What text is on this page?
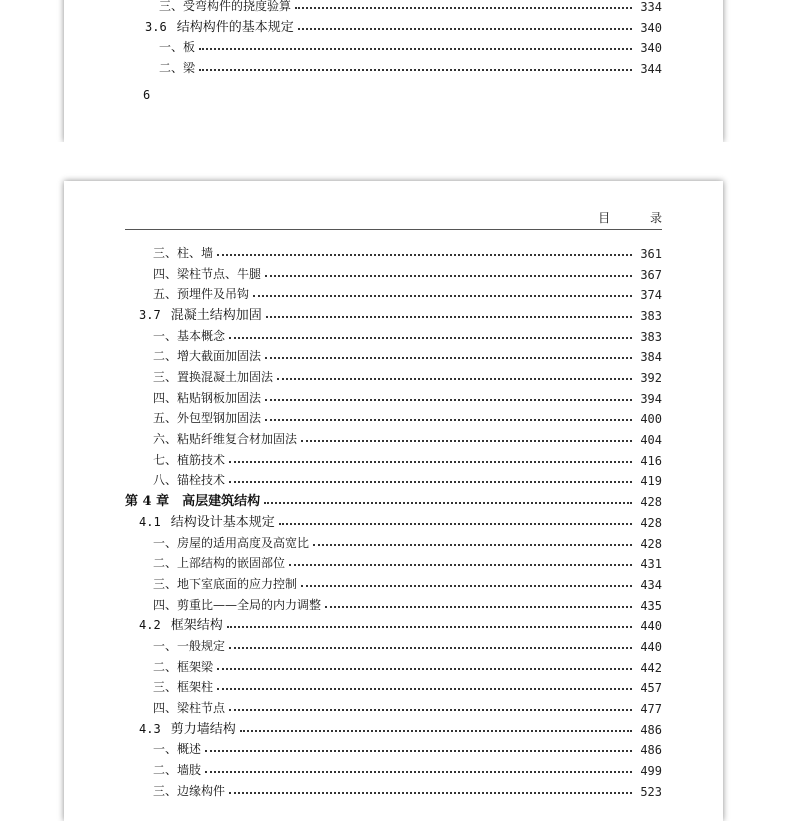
三、受弯构件的挠度验算	334
3.6 结构构件的基本规定	340
一、板	340
二、梁	344
6
目 录
三、柱、墙	361
四、梁柱节点、牛腿	367
五、预埋件及吊钩	374
3.7 混凝土结构加固	383
一、基本概念	383
二、增大截面加固法	384
三、置换混凝土加固法	392
四、粘贴钢板加固法	394
五、外包型钢加固法	400
六、粘贴纤维复合材加固法	404
七、植筋技术	416
八、锚栓技术	419
第 4 章　高层建筑结构	428
4.1 结构设计基本规定	428
一、房屋的适用高度及高宽比	428
二、上部结构的嵌固部位	431
三、地下室底面的应力控制	434
四、剪重比——全局的内力调整	435
4.2 框架结构	440
一、一般规定	440
二、框架梁	442
三、框架柱	457
四、梁柱节点	477
4.3 剪力墙结构	486
一、概述	486
二、墙肢	499
三、边缘构件	523
